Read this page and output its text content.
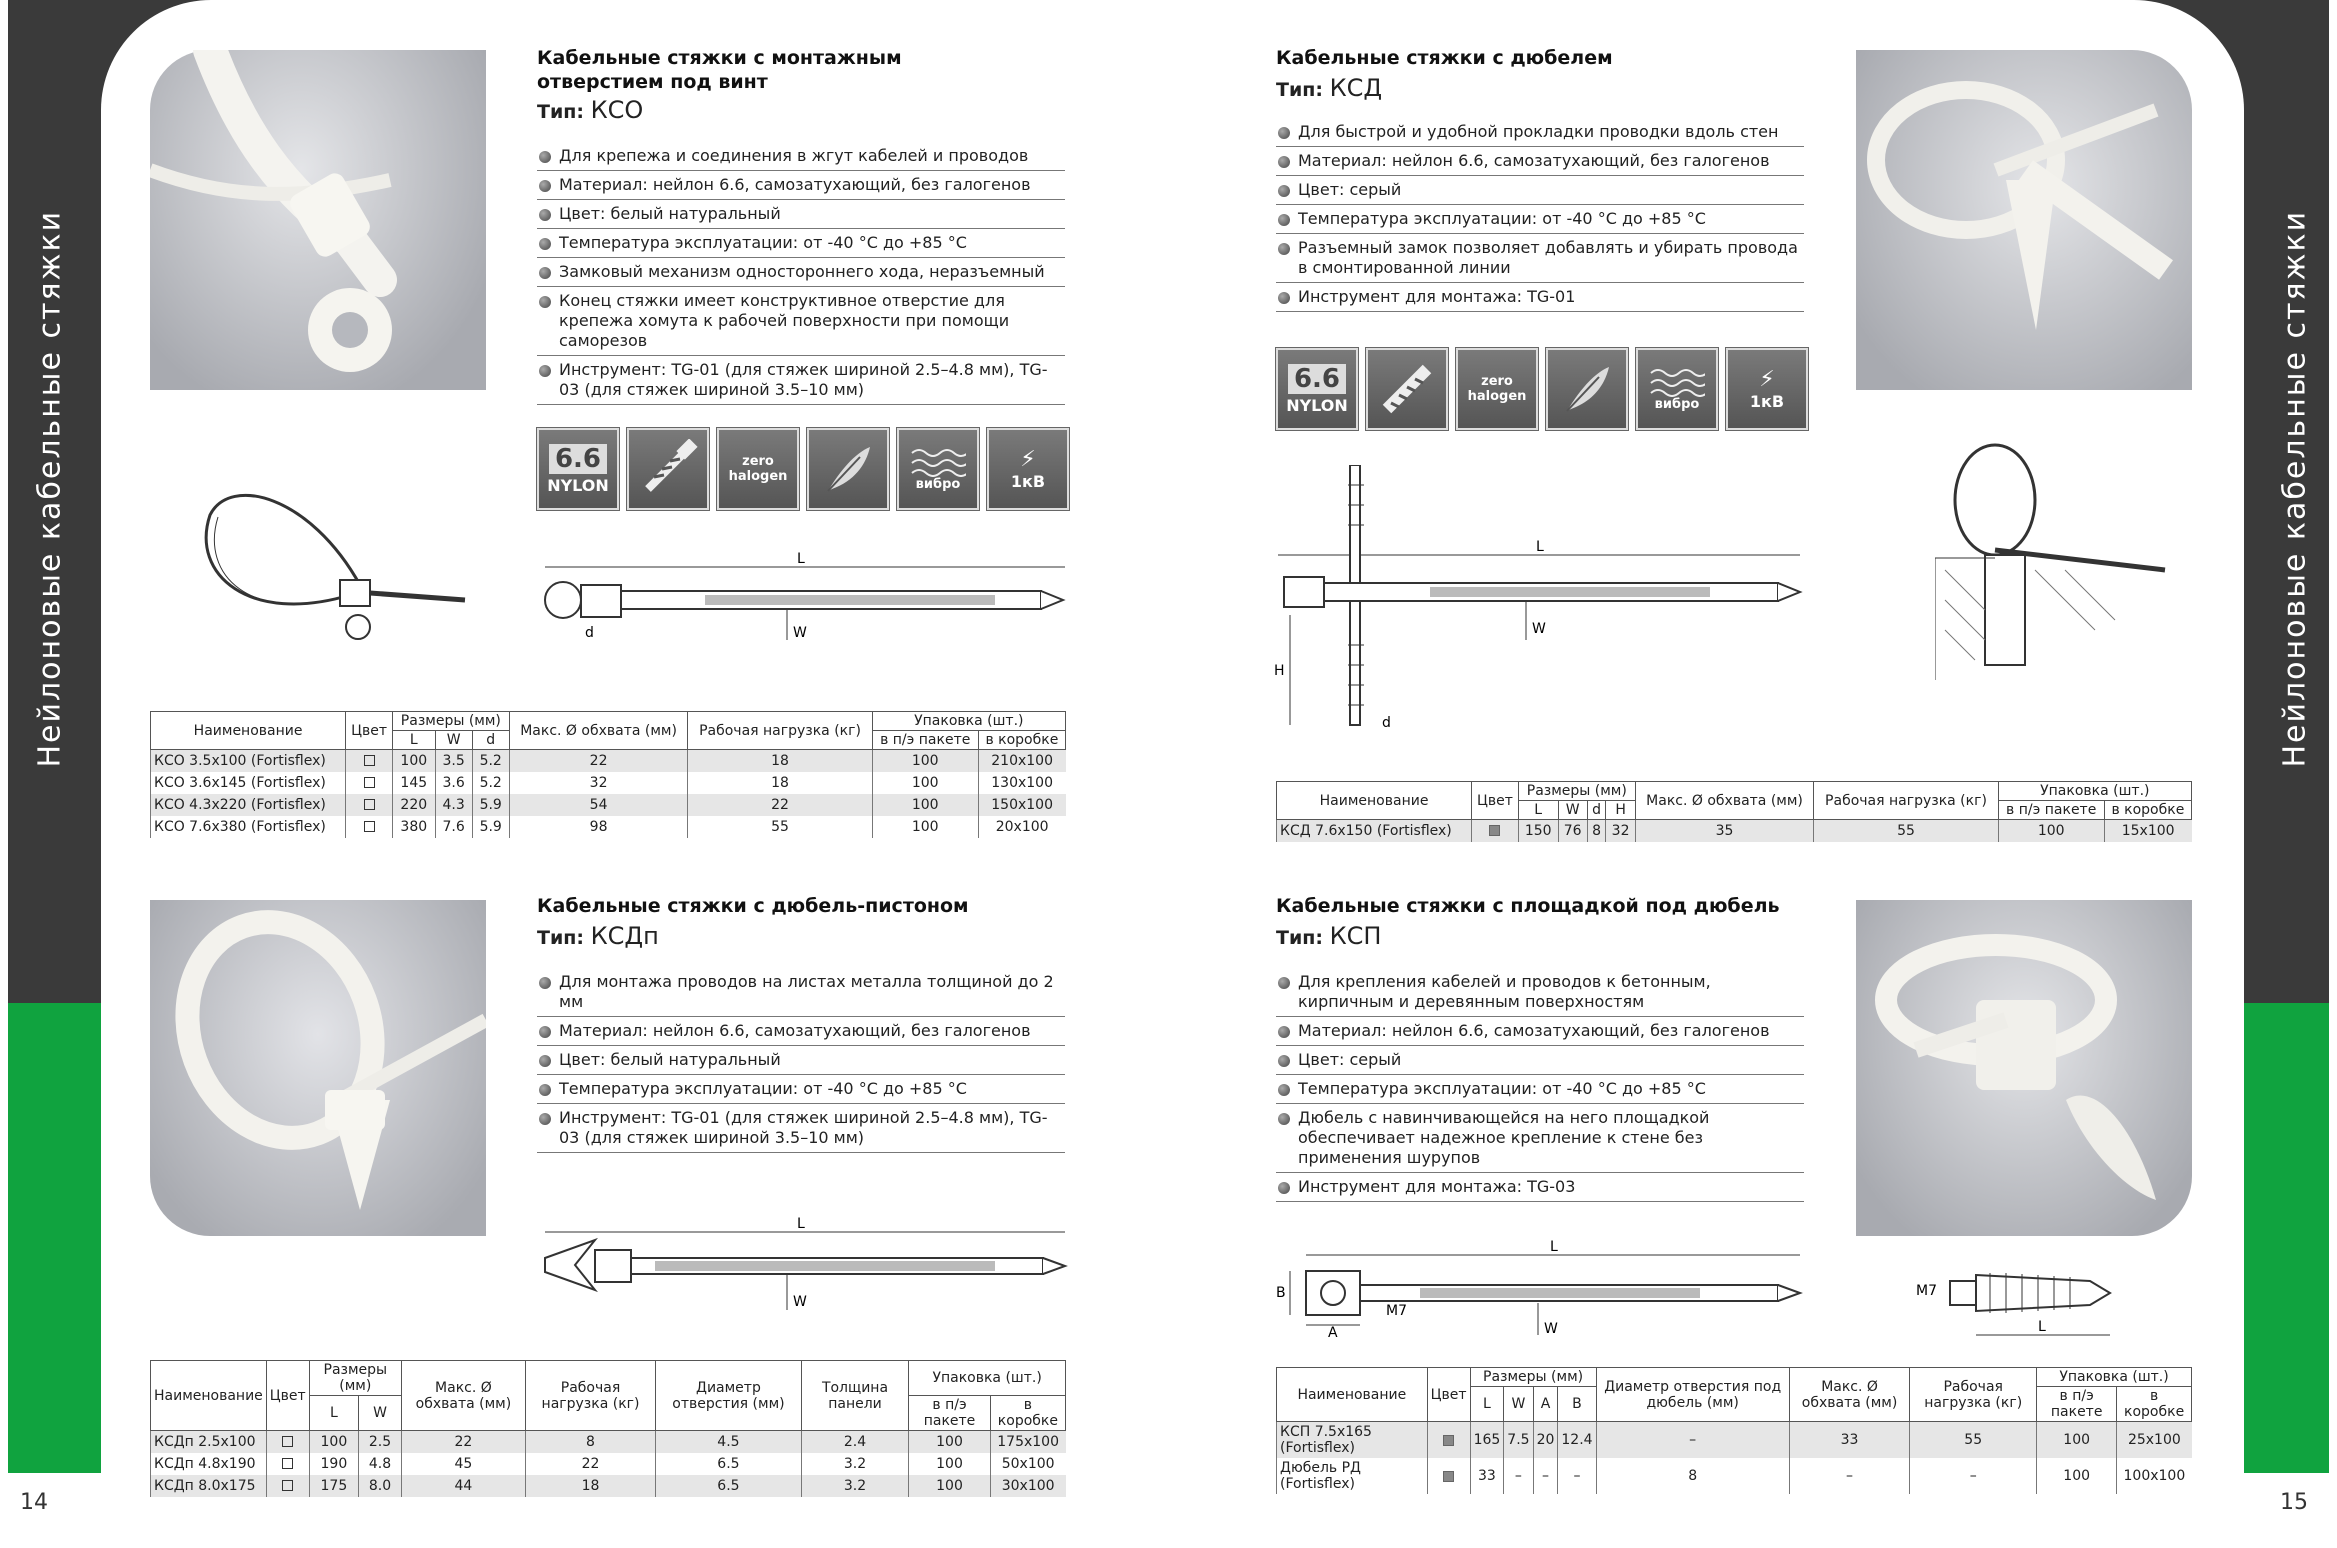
Нейлоновые кабельные стяжки	Нейлоновые кабельные стяжки
14	15
Кабельные стяжки с монтажным
отверстием под винт
Тип: КСО
Для крепежа и соединения в жгут кабелей и проводов
Материал: нейлон 6.6, самозатухающий, без галогенов
Цвет: белый натуральный
Температура эксплуатации: от -40 °С до +85 °С
Замковый механизм одностороннего хода, неразъемный
Конец стяжки имеет конструктивное отверстие для крепежа хомута к рабочей поверхности при помощи саморезов
Инструмент: TG-01 (для стяжек шириной 2.5–4.8 мм), TG-03 (для стяжек шириной 3.5–10 мм)
6.6
NYLON
zero
halogen	вибро
⚡
1кВ
L
W
d
Наименование	Цвет	Размеры (мм)			Макс. Ø обхвата (мм)	Рабочая нагрузка (кг)	Упаковка (шт.)	
		L	W	d			в п/э пакете	в коробке
КСО 3.5х100 (Fortisflex)		100	3.5	5.2	22	18	100	210х100
КСО 3.6х145 (Fortisflex)		145	3.6	5.2	32	18	100	130х100
КСО 4.3х220 (Fortisflex)		220	4.3	5.9	54	22	100	150х100
КСО 7.6х380 (Fortisflex)		380	7.6	5.9	98	55	100	20х100
Кабельные стяжки с дюбель-пистоном
Тип: КСДп
Для монтажа проводов на листах металла толщиной до 2 мм
Материал: нейлон 6.6, самозатухающий, без галогенов
Цвет: белый натуральный
Температура эксплуатации: от -40 °С до +85 °С
Инструмент: TG-01 (для стяжек шириной 2.5–4.8 мм), TG-03 (для стяжек шириной 3.5–10 мм)
L
W
Наименование	Цвет	Размеры (мм)		Макс. Ø обхвата (мм)	Рабочая нагрузка (кг)	Диаметр отверстия (мм)	Толщина панели	Упаковка (шт.)	
		L	W					в п/э пакете	в коробке
КСДп 2.5х100		100	2.5	22	8	4.5	2.4	100	175х100
КСДп 4.8х190		190	4.8	45	22	6.5	3.2	100	50х100
КСДп 8.0х175		175	8.0	44	18	6.5	3.2	100	30х100
Кабельные стяжки с дюбелем
Тип: КСД
Для быстрой и удобной прокладки проводки вдоль стен
Материал: нейлон 6.6, самозатухающий, без галогенов
Цвет: серый
Температура эксплуатации: от -40 °С до +85 °С
Разъемный замок позволяет добавлять и убирать провода в смонтированной линии
Инструмент для монтажа: TG-01
6.6
NYLON
zero
halogen	вибро
⚡
1кВ
L
W
H
d
Наименование	Цвет	Размеры (мм)				Макс. Ø обхвата (мм)	Рабочая нагрузка (кг)	Упаковка (шт.)	
		L	W	d	H			в п/э пакете	в коробке
КСД 7.6х150 (Fortisflex)		150	76	8	32	35	55	100	15х100
Кабельные стяжки с площадкой под дюбель
Тип: КСП
Для крепления кабелей и проводов к бетонным, кирпичным и деревянным поверхностям
Материал: нейлон 6.6, самозатухающий, без галогенов
Цвет: серый
Температура эксплуатации: от -40 °С до +85 °С
Дюбель с навинчивающейся на него площадкой обеспечивает надежное крепление к стене без применения шурупов
Инструмент для монтажа: TG-03
L
B
A
M7
W
M7
L
Наименование	Цвет	Размеры (мм)				Диаметр отверстия под дюбель (мм)	Макс. Ø обхвата (мм)	Рабочая нагрузка (кг)	Упаковка (шт.)	
		L	W	A	B				в п/э пакете	в коробке
КСП 7.5х165 (Fortisflex)		165	7.5	20	12.4	–	33	55	100	25х100
Дюбель РД (Fortisflex)		33	–	–	–	8	–	–	100	100х100
